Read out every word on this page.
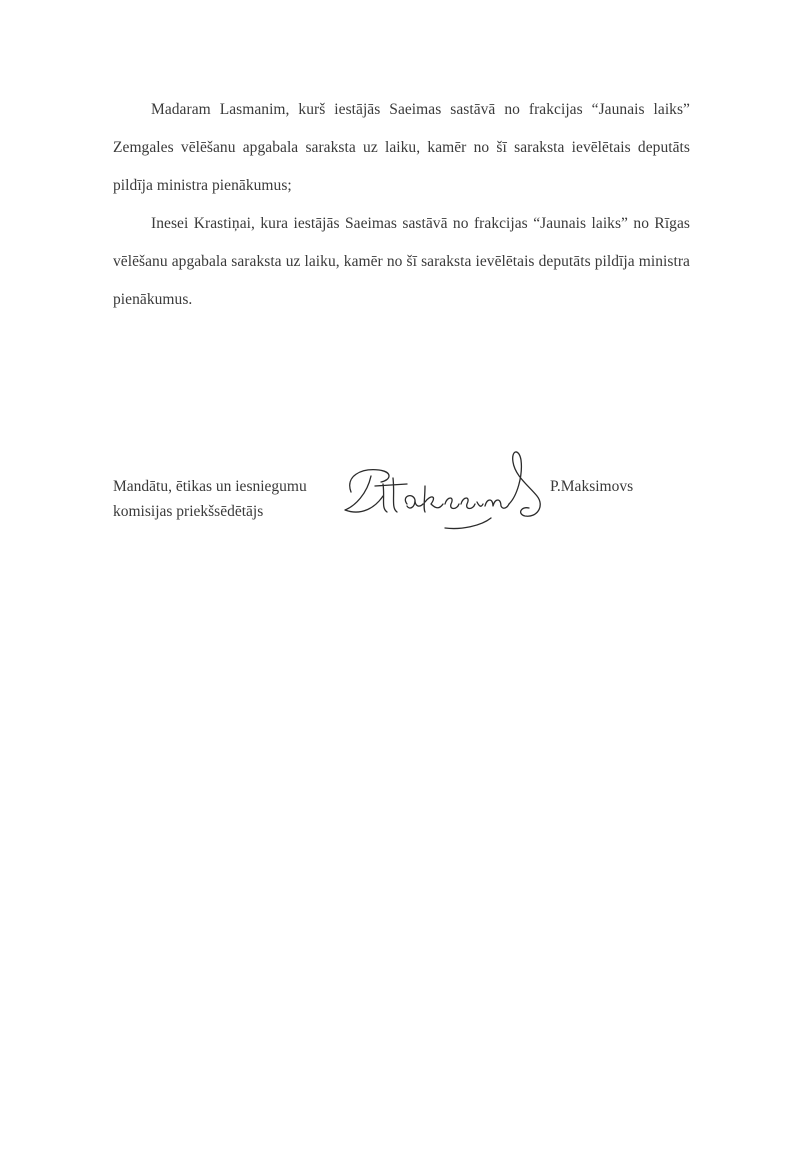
Madaram Lasmanim, kurš iestājās Saeimas sastāvā no frakcijas “Jaunais laiks” Zemgales vēlēšanu apgabala saraksta uz laiku, kamēr no šī saraksta ievēlētais deputāts pildīja ministra pienākumus;

Inesei Krastiņai, kura iestājās Saeimas sastāvā no frakcijas “Jaunais laiks” no Rīgas vēlēšanu apgabala saraksta uz laiku, kamēr no šī saraksta ievēlētais deputāts pildīja ministra pienākumus.

Mandātu, ētikas un iesniegumu
komisijas priekšsēdētājs
P.Maksimovs
